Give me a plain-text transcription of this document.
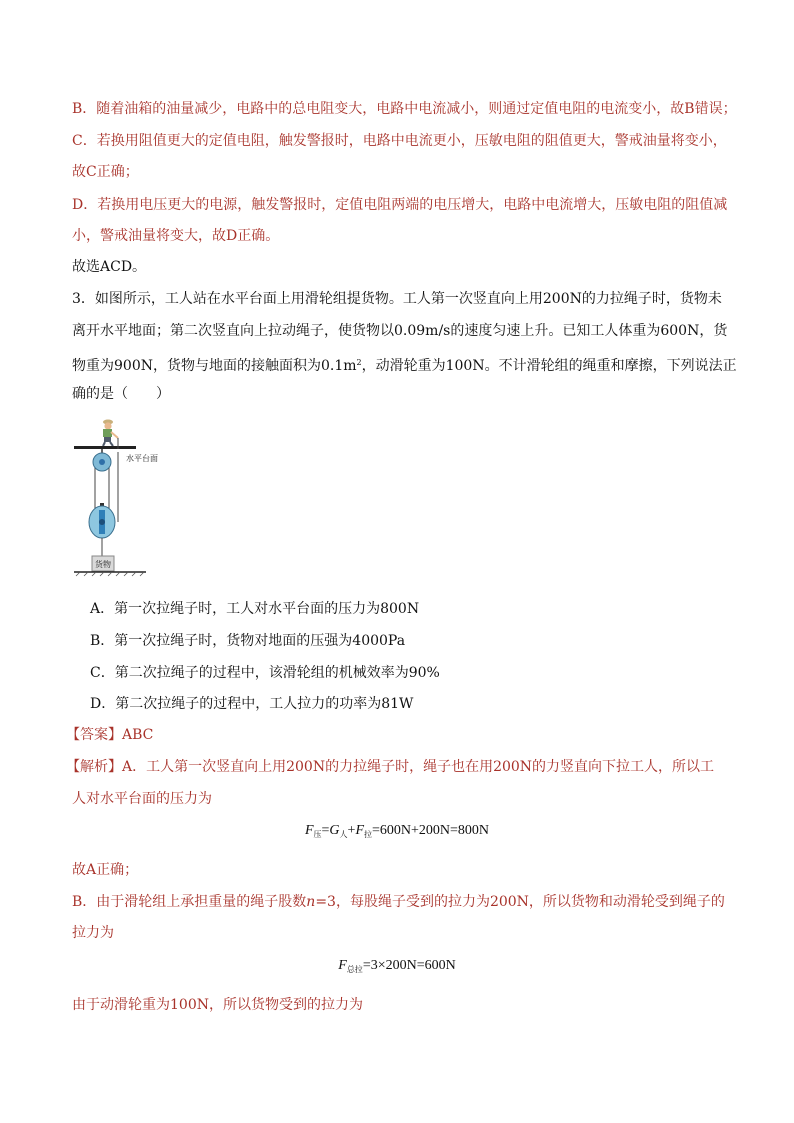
B．随着油箱的油量减少，电路中的总电阻变大，电路中电流减小，则通过定值电阻的电流变小，故B错误；
C．若换用阻值更大的定值电阻，触发警报时，电路中电流更小，压敏电阻的阻值更大，警戒油量将变小，
故C正确；
D．若换用电压更大的电源，触发警报时，定值电阻两端的电压增大，电路中电流增大，压敏电阻的阻值减
小，警戒油量将变大，故D正确。
故选ACD。
3．如图所示，工人站在水平台面上用滑轮组提货物。工人第一次竖直向上用200N的力拉绳子时，货物未
离开水平地面；第二次竖直向上拉动绳子，使货物以0.09m/s的速度匀速上升。已知工人体重为600N，货
物重为900N，货物与地面的接触面积为$0.1m^2$，动滑轮重为100N。不计滑轮组的绳重和摩擦，下列说法正
确的是（　　）
货物
水平台面
A．第一次拉绳子时，工人对水平台面的压力为800N
B．第一次拉绳子时，货物对地面的压强为4000Pa
C．第二次拉绳子的过程中，该滑轮组的机械效率为90%
D．第二次拉绳子的过程中，工人拉力的功率为81W
【答案】ABC
【解析】A．工人第一次竖直向上用200N的力拉绳子时，绳子也在用200N的力竖直向下拉工人，所以工
人对水平台面的压力为
$F_压=G_人+F_拉=600N+200N=800N$
故A正确；
B．由于滑轮组上承担重量的绳子股数n=3，每股绳子受到的拉力为200N，所以货物和动滑轮受到绳子的
拉力为
$F_{总拉}=3\times 200N=600N$
由于动滑轮重为100N，所以货物受到的拉力为
